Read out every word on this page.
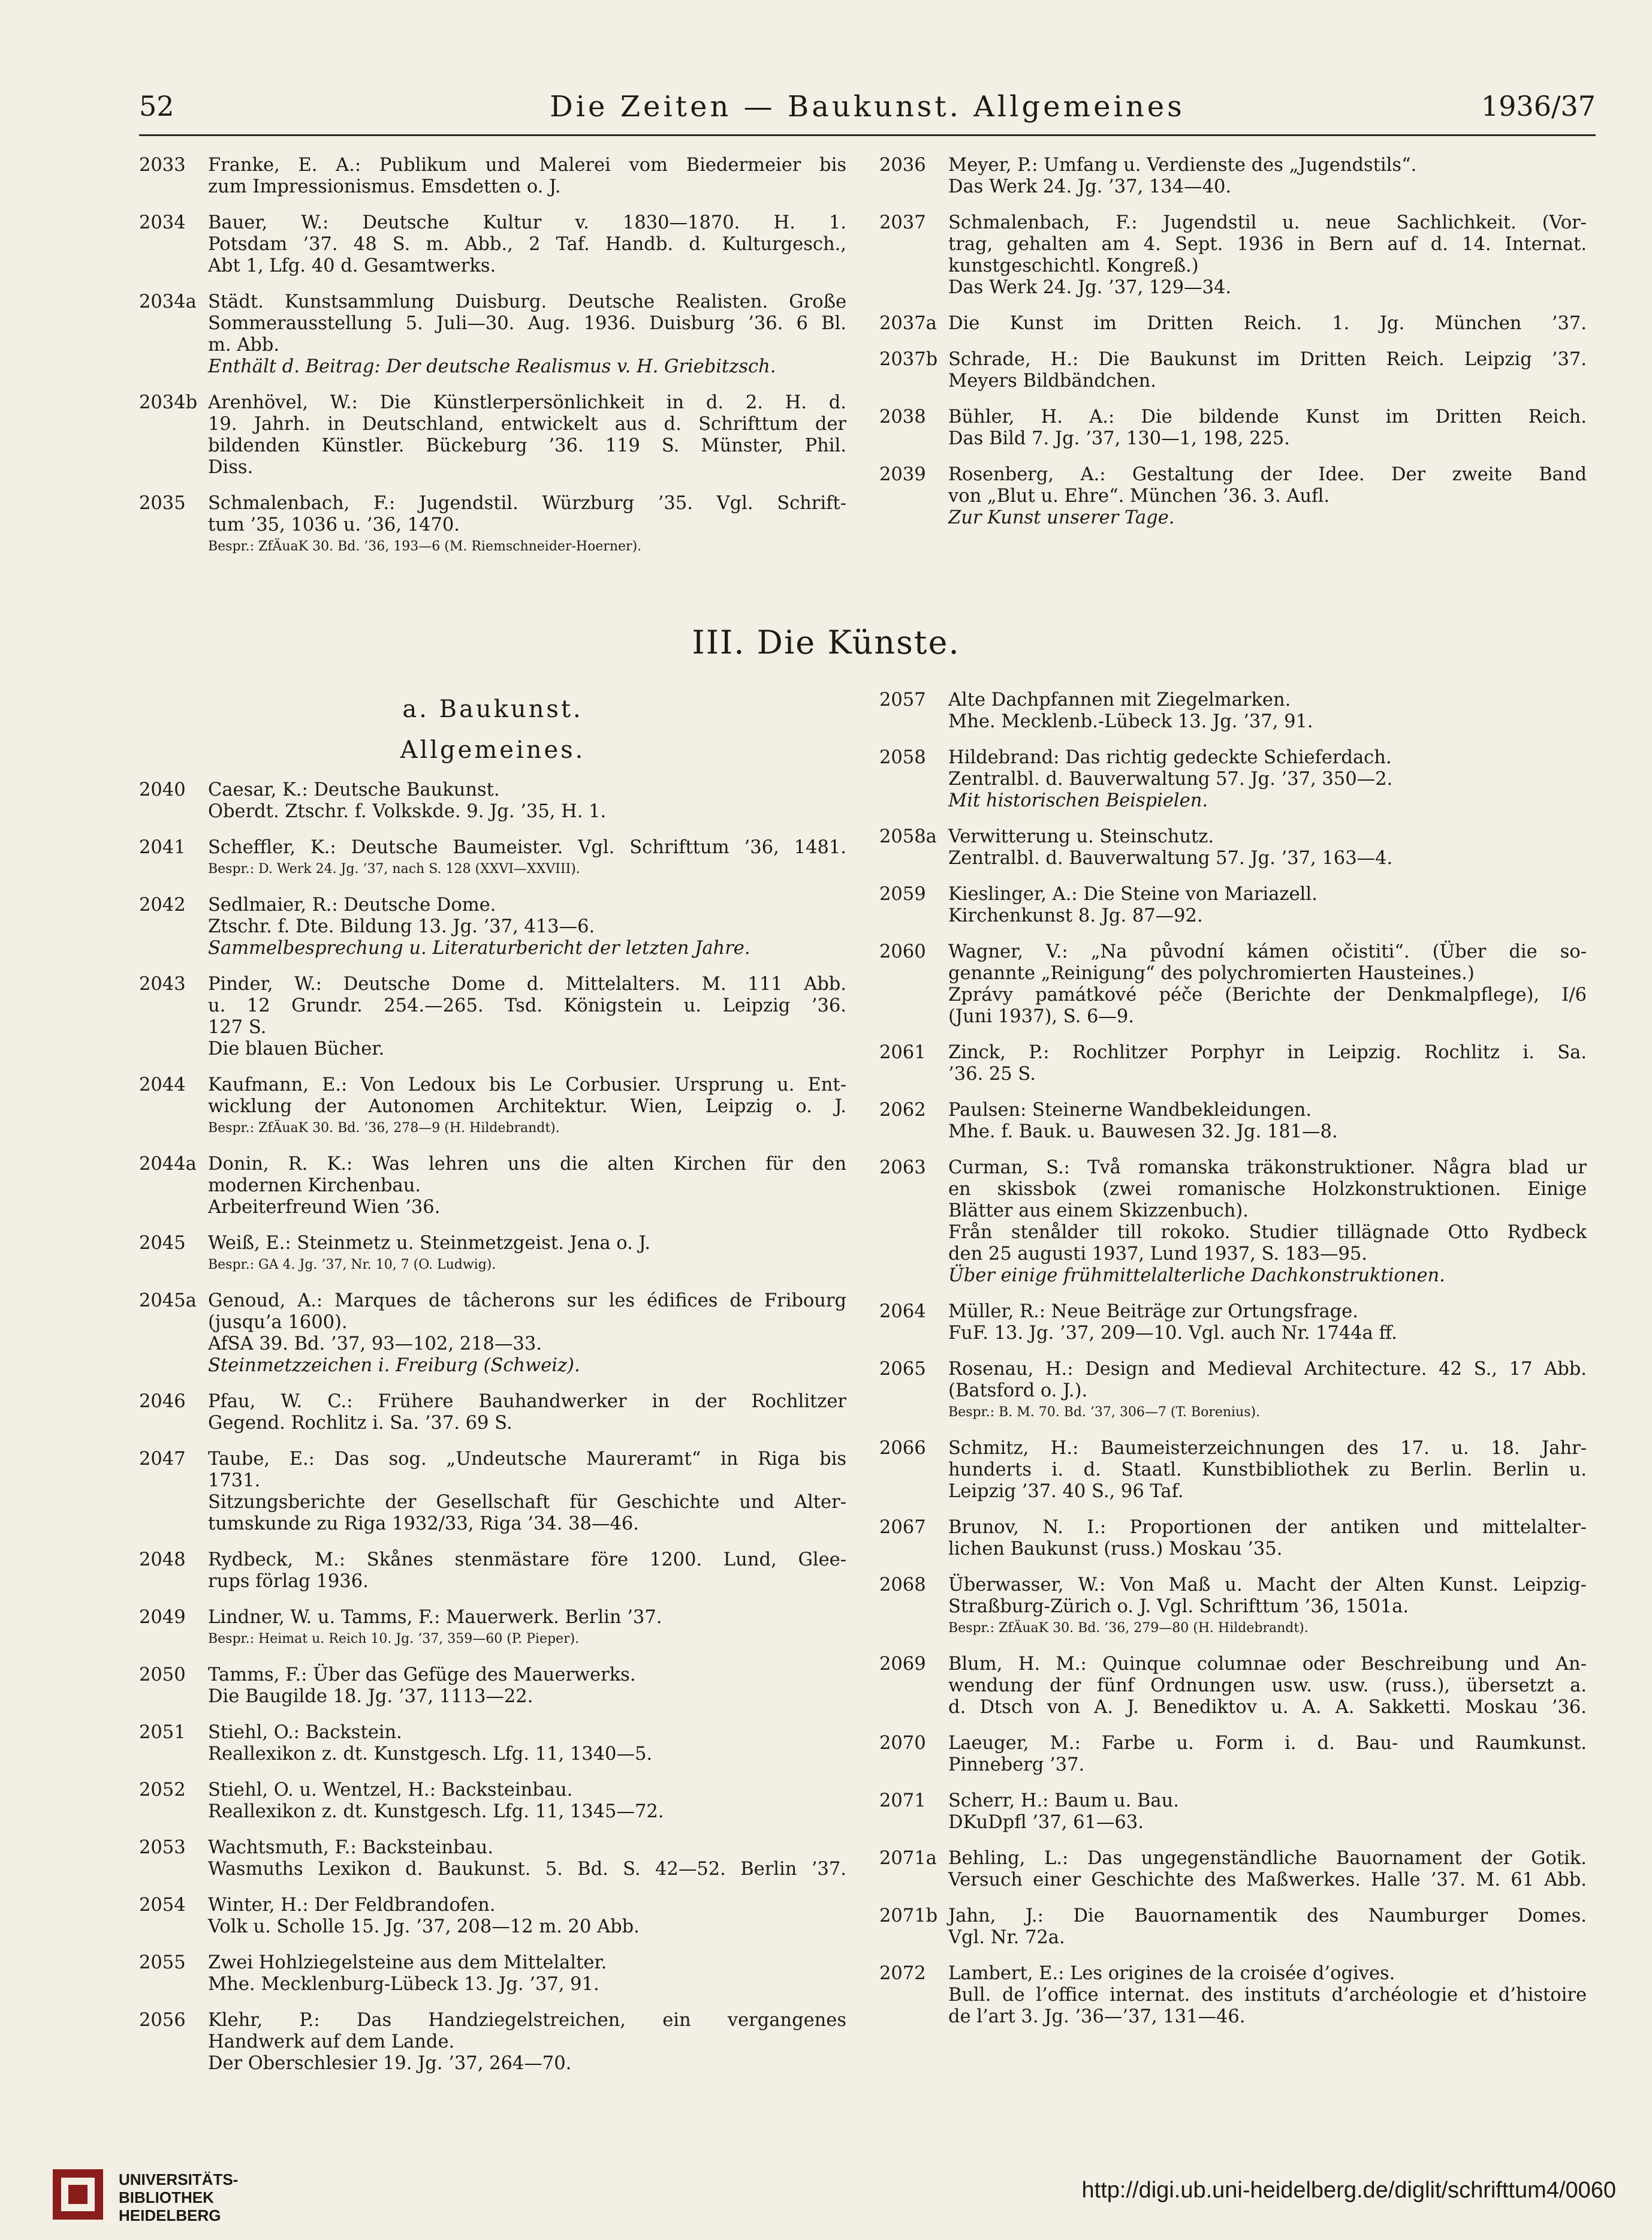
52	Die Zeiten — Baukunst. Allgemeines	1936/37
2033	Franke, E. A.: Publikum und Malerei vom Biedermeier bis
zum Impressionismus. Emsdetten o. J.
2034	Bauer, W.: Deutsche Kultur v. 1830—1870. H. 1.
Potsdam ’37. 48 S. m. Abb., 2 Taf. Handb. d. Kulturgesch.,
Abt 1, Lfg. 40 d. Gesamtwerks.
2034a Städt. Kunstsammlung Duisburg. Deutsche Realisten. Große
Sommerausstellung 5. Juli—30. Aug. 1936. Duisburg ’36. 6 Bl.
m. Abb.
Enthält d. Beitrag: Der deutsche Realismus v. H. Griebitzsch.
2034b Arenhövel, W.: Die Künstlerpersönlichkeit in d. 2. H. d.
19. Jahrh. in Deutschland, entwickelt aus d. Schrifttum der
bildenden Künstler. Bückeburg ’36. 119 S. Münster, Phil.
Diss.
2035	Schmalenbach, F.: Jugendstil. Würzburg ’35. Vgl. Schrift-
tum ’35, 1036 u. ’36, 1470.
Bespr.: ZfÄuaK 30. Bd. ’36, 193—6 (M. Riemschneider-Hoerner).
2036	Meyer, P.: Umfang u. Verdienste des „Jugendstils“.
Das Werk 24. Jg. ’37, 134—40.
2037	Schmalenbach, F.: Jugendstil u. neue Sachlichkeit. (Vor-
trag, gehalten am 4. Sept. 1936 in Bern auf d. 14. Internat.
kunstgeschichtl. Kongreß.)
Das Werk 24. Jg. ’37, 129—34.
2037a Die Kunst im Dritten Reich. 1. Jg. München ’37.
2037b Schrade, H.: Die Baukunst im Dritten Reich. Leipzig ’37.
Meyers Bildbändchen.
2038	Bühler, H. A.: Die bildende Kunst im Dritten Reich.
Das Bild 7. Jg. ’37, 130—1, 198, 225.
2039	Rosenberg, A.: Gestaltung der Idee. Der zweite Band
von „Blut u. Ehre“. München ’36. 3. Aufl.
Zur Kunst unserer Tage.
III. Die Künste.
a. Baukunst.
Allgemeines.
2040	Caesar, K.: Deutsche Baukunst.
Oberdt. Ztschr. f. Volkskde. 9. Jg. ’35, H. 1.
2041	Scheffler, K.: Deutsche Baumeister. Vgl. Schrifttum ’36, 1481.
Bespr.: D. Werk 24. Jg. ’37, nach S. 128 (XXVI—XXVIII).
2042	Sedlmaier, R.: Deutsche Dome.
Ztschr. f. Dte. Bildung 13. Jg. ’37, 413—6.
Sammelbesprechung u. Literaturbericht der letzten Jahre.
2043	Pinder, W.: Deutsche Dome d. Mittelalters. M. 111 Abb.
u. 12 Grundr. 254.—265. Tsd. Königstein u. Leipzig ’36.
127 S.
Die blauen Bücher.
2044	Kaufmann, E.: Von Ledoux bis Le Corbusier. Ursprung u. Ent-
wicklung der Autonomen Architektur. Wien, Leipzig o. J.
Bespr.: ZfÄuaK 30. Bd. ’36, 278—9 (H. Hildebrandt).
2044a Donin, R. K.: Was lehren uns die alten Kirchen für den
modernen Kirchenbau.
Arbeiterfreund Wien ’36.
2045	Weiß, E.: Steinmetz u. Steinmetzgeist. Jena o. J.
Bespr.: GA 4. Jg. ’37, Nr. 10, 7 (O. Ludwig).
2045a Genoud, A.: Marques de tâcherons sur les édifices de Fribourg
(jusqu’a 1600).
AfSA 39. Bd. ’37, 93—102, 218—33.
Steinmetzzeichen i. Freiburg (Schweiz).
2046	Pfau, W. C.: Frühere Bauhandwerker in der Rochlitzer
Gegend. Rochlitz i. Sa. ’37. 69 S.
2047	Taube, E.: Das sog. „Undeutsche Maureramt“ in Riga bis
1731.
Sitzungsberichte der Gesellschaft für Geschichte und Alter-
tumskunde zu Riga 1932/33, Riga ’34. 38—46.
2048	Rydbeck, M.: Skånes stenmästare före 1200. Lund, Glee-
rups förlag 1936.
2049	Lindner, W. u. Tamms, F.: Mauerwerk. Berlin ’37.
Bespr.: Heimat u. Reich 10. Jg. ’37, 359—60 (P. Pieper).
2050	Tamms, F.: Über das Gefüge des Mauerwerks.
Die Baugilde 18. Jg. ’37, 1113—22.
2051	Stiehl, O.: Backstein.
Reallexikon z. dt. Kunstgesch. Lfg. 11, 1340—5.
2052	Stiehl, O. u. Wentzel, H.: Backsteinbau.
Reallexikon z. dt. Kunstgesch. Lfg. 11, 1345—72.
2053	Wachtsmuth, F.: Backsteinbau.
Wasmuths Lexikon d. Baukunst. 5. Bd. S. 42—52. Berlin ’37.
2054	Winter, H.: Der Feldbrandofen.
Volk u. Scholle 15. Jg. ’37, 208—12 m. 20 Abb.
2055	Zwei Hohlziegelsteine aus dem Mittelalter.
Mhe. Mecklenburg-Lübeck 13. Jg. ’37, 91.
2056	Klehr, P.: Das Handziegelstreichen, ein vergangenes
Handwerk auf dem Lande.
Der Oberschlesier 19. Jg. ’37, 264—70.
2057	Alte Dachpfannen mit Ziegelmarken.
Mhe. Mecklenb.-Lübeck 13. Jg. ’37, 91.
2058	Hildebrand: Das richtig gedeckte Schieferdach.
Zentralbl. d. Bauverwaltung 57. Jg. ’37, 350—2.
Mit historischen Beispielen.
2058a Verwitterung u. Steinschutz.
Zentralbl. d. Bauverwaltung 57. Jg. ’37, 163—4.
2059	Kieslinger, A.: Die Steine von Mariazell.
Kirchenkunst 8. Jg. 87—92.
2060	Wagner, V.: „Na původní kámen očistiti“. (Über die so-
genannte „Reinigung“ des polychromierten Hausteines.)
Zprávy památkové péče (Berichte der Denkmalpflege), I/6
(Juni 1937), S. 6—9.
2061	Zinck, P.: Rochlitzer Porphyr in Leipzig. Rochlitz i. Sa.
’36. 25 S.
2062	Paulsen: Steinerne Wandbekleidungen.
Mhe. f. Bauk. u. Bauwesen 32. Jg. 181—8.
2063	Curman, S.: Två romanska träkonstruktioner. Några blad ur
en skissbok (zwei romanische Holzkonstruktionen. Einige
Blätter aus einem Skizzenbuch).
Från stenålder till rokoko. Studier tillägnade Otto Rydbeck
den 25 augusti 1937, Lund 1937, S. 183—95.
Über einige frühmittelalterliche Dachkonstruktionen.
2064	Müller, R.: Neue Beiträge zur Ortungsfrage.
FuF. 13. Jg. ’37, 209—10. Vgl. auch Nr. 1744a ff.
2065	Rosenau, H.: Design and Medieval Architecture. 42 S., 17 Abb.
(Batsford o. J.).
Bespr.: B. M. 70. Bd. ’37, 306—7 (T. Borenius).
2066	Schmitz, H.: Baumeisterzeichnungen des 17. u. 18. Jahr-
hunderts i. d. Staatl. Kunstbibliothek zu Berlin. Berlin u.
Leipzig ’37. 40 S., 96 Taf.
2067	Brunov, N. I.: Proportionen der antiken und mittelalter-
lichen Baukunst (russ.) Moskau ’35.
2068	Überwasser, W.: Von Maß u. Macht der Alten Kunst. Leipzig-
Straßburg-Zürich o. J. Vgl. Schrifttum ’36, 1501a.
Bespr.: ZfÄuaK 30. Bd. ’36, 279—80 (H. Hildebrandt).
2069	Blum, H. M.: Quinque columnae oder Beschreibung und An-
wendung der fünf Ordnungen usw. usw. (russ.), übersetzt a.
d. Dtsch von A. J. Benediktov u. A. A. Sakketti. Moskau ’36.
2070	Laeuger, M.: Farbe u. Form i. d. Bau- und Raumkunst.
Pinneberg ’37.
2071	Scherr, H.: Baum u. Bau.
DKuDpfl ’37, 61—63.
2071a Behling, L.: Das ungegenständliche Bauornament der Gotik.
Versuch einer Geschichte des Maßwerkes. Halle ’37. M. 61 Abb.
2071b Jahn, J.: Die Bauornamentik des Naumburger Domes.
Vgl. Nr. 72a.
2072	Lambert, E.: Les origines de la croisée d’ogives.
Bull. de l’office internat. des instituts d’archéologie et d’histoire
de l’art 3. Jg. ’36—’37, 131—46.
UNIVERSITÄTS-
BIBLIOTHEK
HEIDELBERG
http://digi.ub.uni-heidelberg.de/diglit/schrifttum4/0060
